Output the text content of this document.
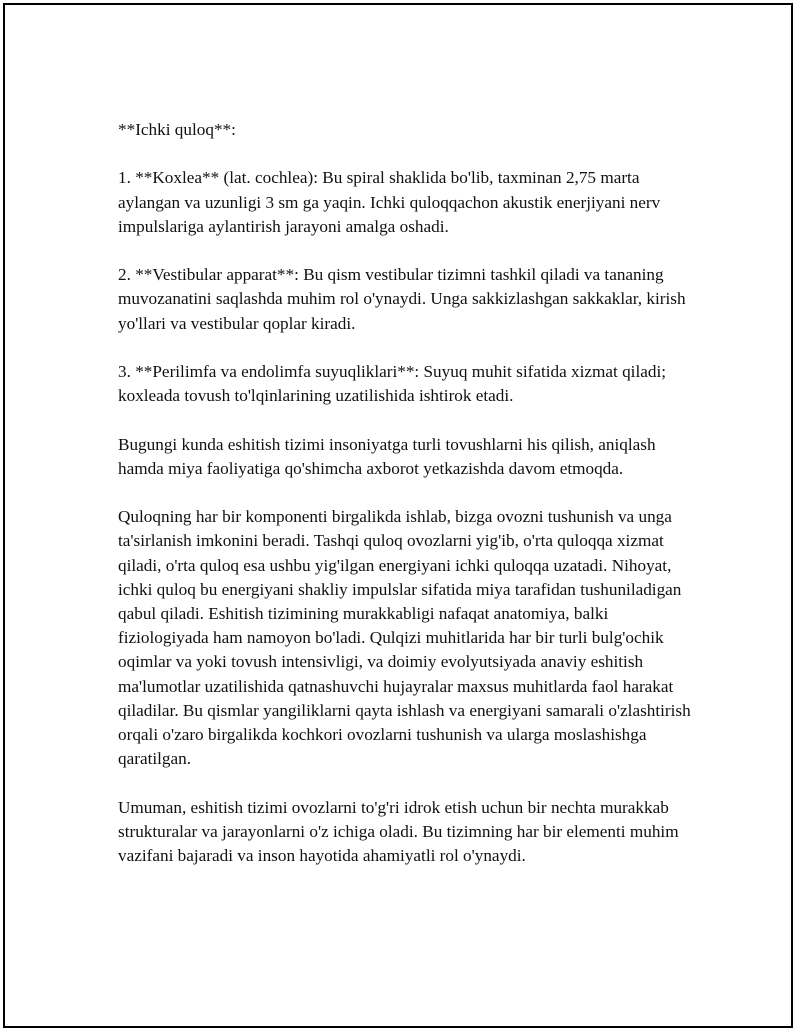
**Ichki quloq**:

1. **Koxlea** (lat. cochlea): Bu spiral shaklida bo'lib, taxminan 2,75 marta aylangan va uzunligi 3 sm ga yaqin. Ichki quloqqachon akustik enerjiyani nerv impulslariga aylantirish jarayoni amalga oshadi.

2. **Vestibular apparat**: Bu qism vestibular tizimni tashkil qiladi va tananing muvozanatini saqlashda muhim rol o'ynaydi. Unga sakkizlashgan sakkaklar, kirish yo'llari va vestibular qoplar kiradi.

3. **Perilimfa va endolimfa suyuqliklari**: Suyuq muhit sifatida xizmat qiladi; koxleada tovush to'lqinlarining uzatilishida ishtirok etadi.

Bugungi kunda eshitish tizimi insoniyatga turli tovushlarni his qilish, aniqlash hamda miya faoliyatiga qo'shimcha axborot yetkazishda davom etmoqda.

Quloqning har bir komponenti birgalikda ishlab, bizga ovozni tushunish va unga ta'sirlanish imkonini beradi. Tashqi quloq ovozlarni yig'ib, o'rta quloqqa xizmat qiladi, o'rta quloq esa ushbu yig'ilgan energiyani ichki quloqqa uzatadi. Nihoyat, ichki quloq bu energiyani shakliy impulslar sifatida miya tarafidan tushuniladigan qabul qiladi. Eshitish tizimining murakkabligi nafaqat anatomiya, balki fiziologiyada ham namoyon bo'ladi. Qulqizi muhitlarida har bir turli bulg'ochik oqimlar va yoki tovush intensivligi, va doimiy evolyutsiyada anaviy eshitish ma'lumotlar uzatilishida qatnashuvchi hujayralar maxsus muhitlarda faol harakat qiladilar. Bu qismlar yangiliklarni qayta ishlash va energiyani samarali o'zlashtirish orqali o'zaro birgalikda kochkori ovozlarni tushunish va ularga moslashishga qaratilgan.

Umuman, eshitish tizimi ovozlarni to'g'ri idrok etish uchun bir nechta murakkab strukturalar va jarayonlarni o'z ichiga oladi. Bu tizimning har bir elementi muhim vazifani bajaradi va inson hayotida ahamiyatli rol o'ynaydi.
